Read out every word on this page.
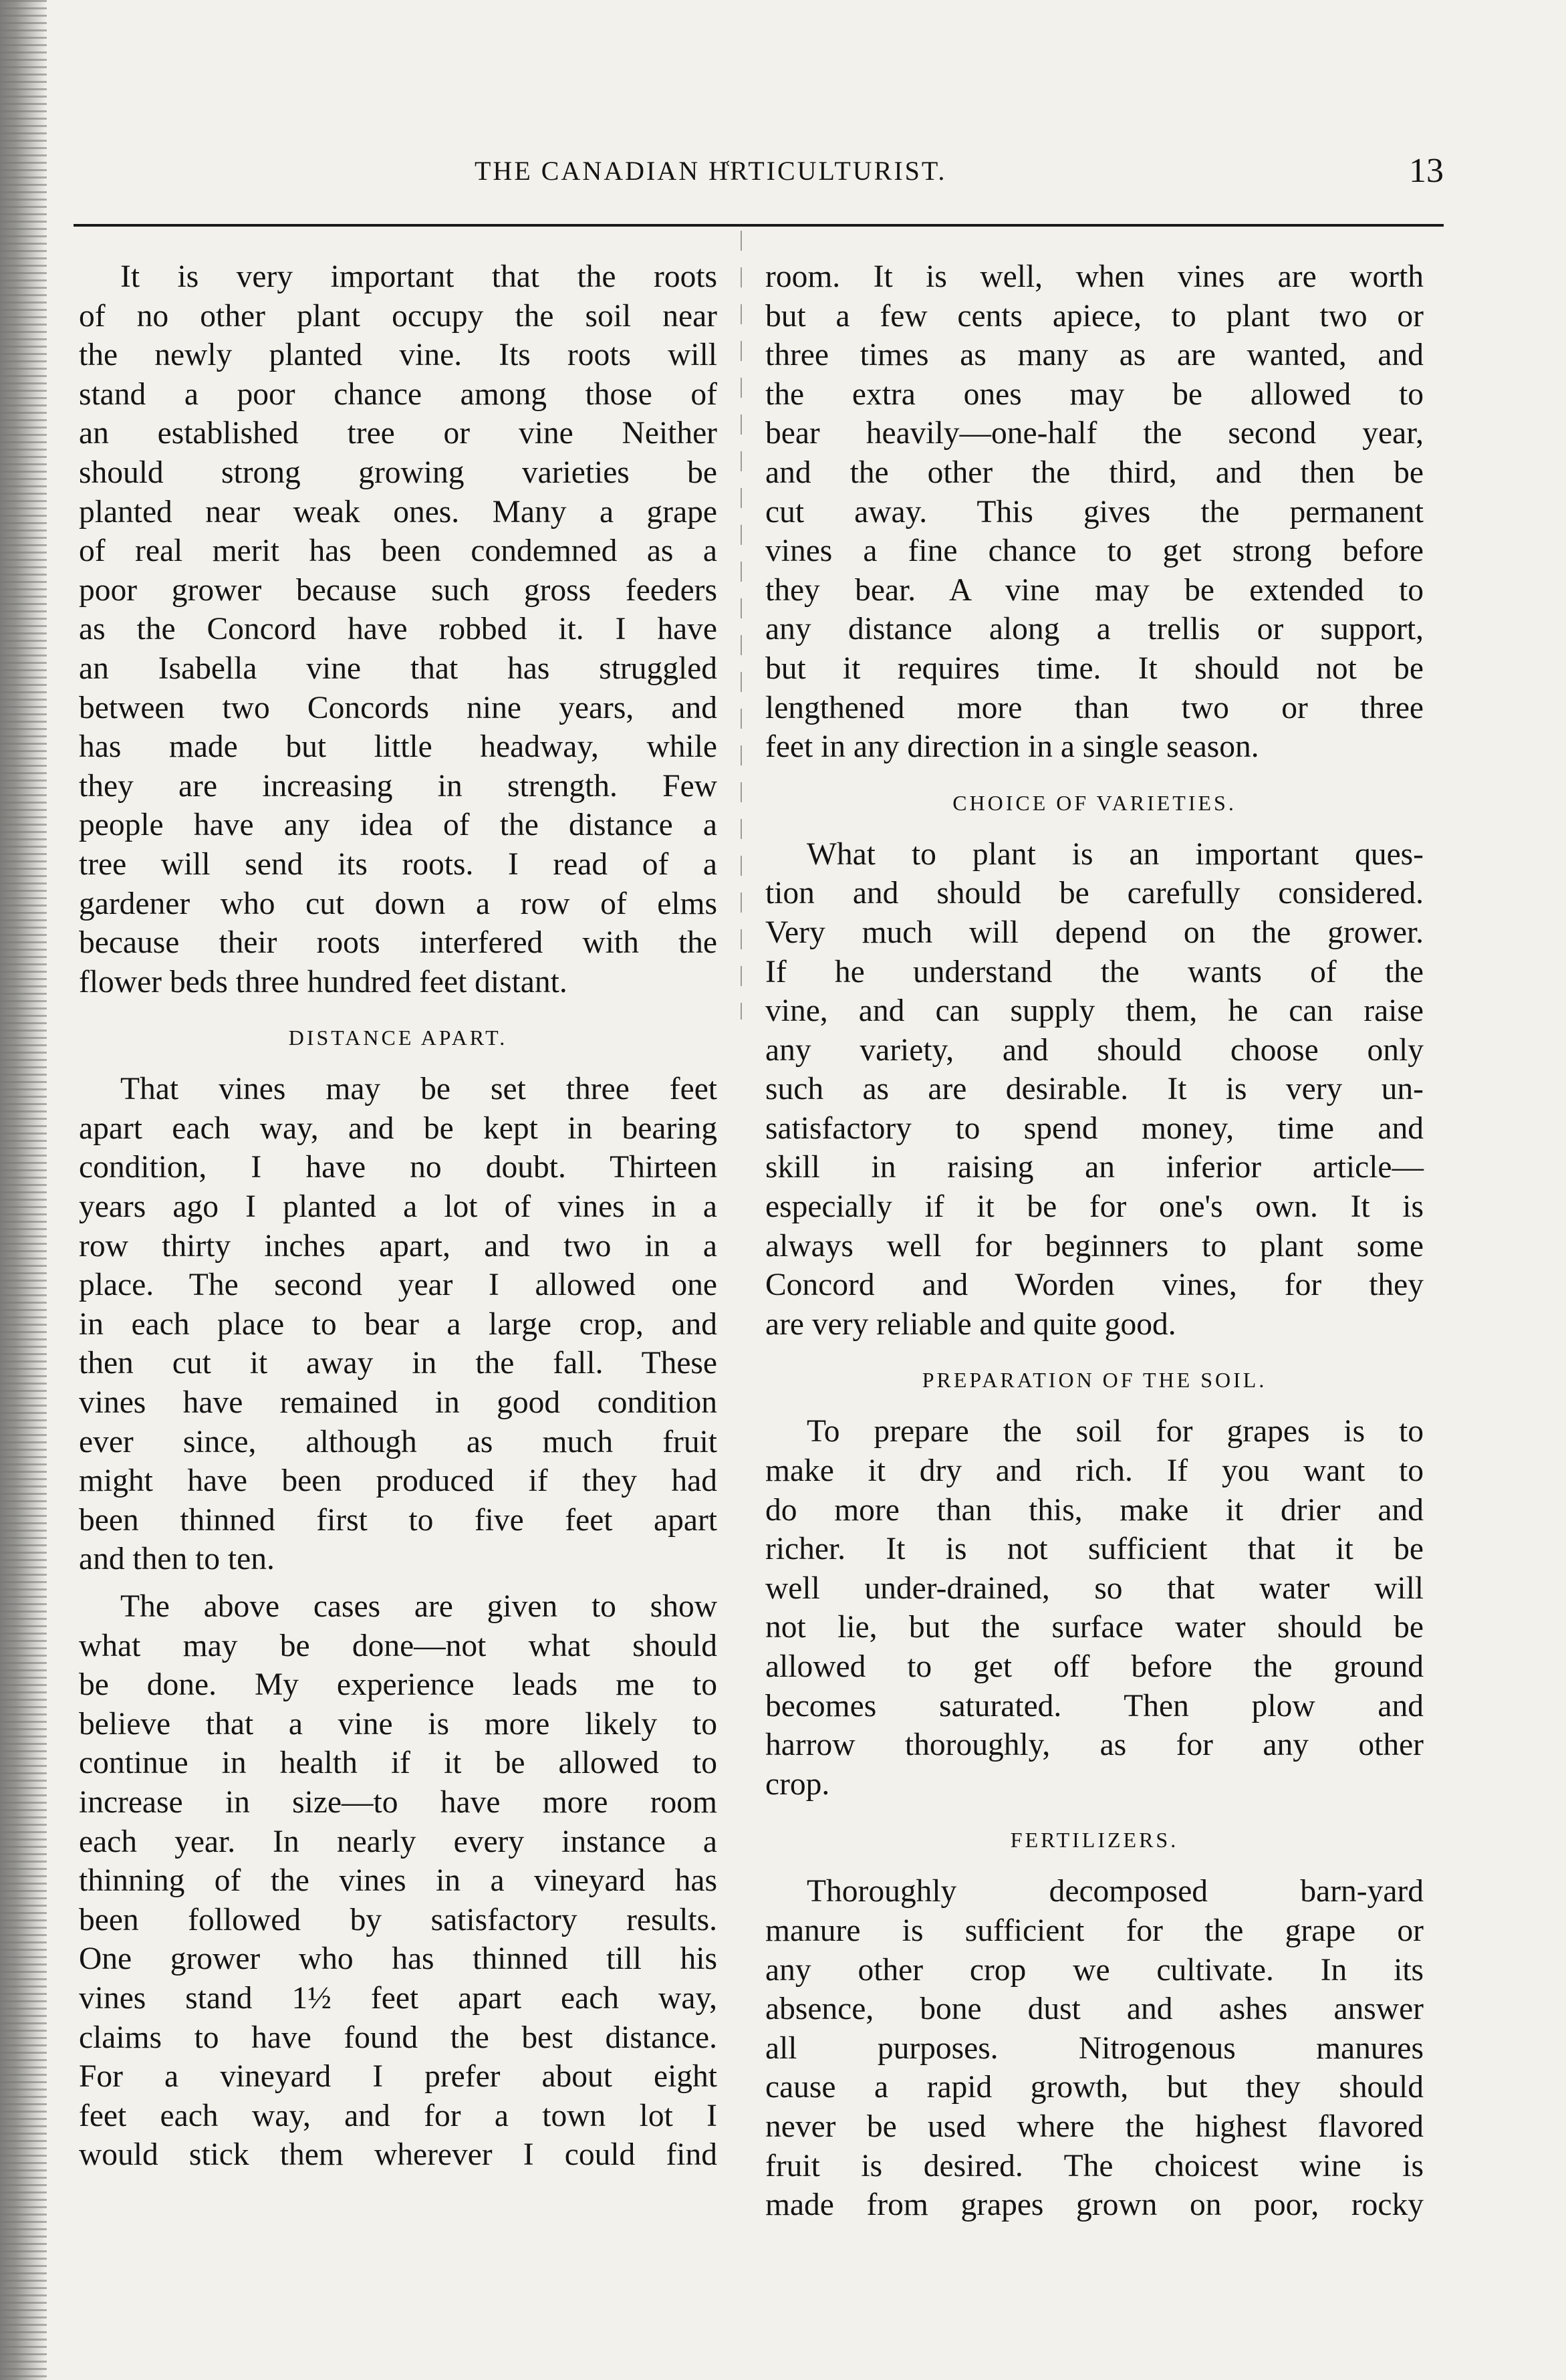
THE CANADIAN H͑RTICULTURIST.	13
It is very important that the roots
of no other plant occupy the soil near
the newly planted vine. Its roots will
stand a poor chance among those of
an established tree or vine Neither
should strong growing varieties be
planted near weak ones. Many a grape
of real merit has been condemned as a
poor grower because such gross feeders
as the Concord have robbed it. I have
an Isabella vine that has struggled
between two Concords nine years, and
has made but little headway, while
they are increasing in strength. Few
people have any idea of the distance a
tree will send its roots. I read of a
gardener who cut down a row of elms
because their roots interfered with the
flower beds three hundred feet distant.
DISTANCE APART.
That vines may be set three feet
apart each way, and be kept in bearing
condition, I have no doubt. Thirteen
years ago I planted a lot of vines in a
row thirty inches apart, and two in a
place. The second year I allowed one
in each place to bear a large crop, and
then cut it away in the fall. These
vines have remained in good condition
ever since, although as much fruit
might have been produced if they had
been thinned first to five feet apart
and then to ten.
The above cases are given to show
what may be done—not what should
be done. My experience leads me to
believe that a vine is more likely to
continue in health if it be allowed to
increase in size—to have more room
each year. In nearly every instance a
thinning of the vines in a vineyard has
been followed by satisfactory results.
One grower who has thinned till his
vines stand 1½ feet apart each way,
claims to have found the best distance.
For a vineyard I prefer about eight
feet each way, and for a town lot I
would stick them wherever I could find
room. It is well, when vines are worth
but a few cents apiece, to plant two or
three times as many as are wanted, and
the extra ones may be allowed to
bear heavily—one-half the second year,
and the other the third, and then be
cut away. This gives the permanent
vines a fine chance to get strong before
they bear. A vine may be extended to
any distance along a trellis or support,
but it requires time. It should not be
lengthened more than two or three
feet in any direction in a single season.
CHOICE OF VARIETIES.
What to plant is an important ques-
tion and should be carefully considered.
Very much will depend on the grower.
If he understand the wants of the
vine, and can supply them, he can raise
any variety, and should choose only
such as are desirable. It is very un-
satisfactory to spend money, time and
skill in raising an inferior article—
especially if it be for one's own. It is
always well for beginners to plant some
Concord and Worden vines, for they
are very reliable and quite good.
PREPARATION OF THE SOIL.
To prepare the soil for grapes is to
make it dry and rich. If you want to
do more than this, make it drier and
richer. It is not sufficient that it be
well under-drained, so that water will
not lie, but the surface water should be
allowed to get off before the ground
becomes saturated. Then plow and
harrow thoroughly, as for any other
crop.
FERTILIZERS.
Thoroughly decomposed barn-yard
manure is sufficient for the grape or
any other crop we cultivate. In its
absence, bone dust and ashes answer
all purposes. Nitrogenous manures
cause a rapid growth, but they should
never be used where the highest flavored
fruit is desired. The choicest wine is
made from grapes grown on poor, rocky
